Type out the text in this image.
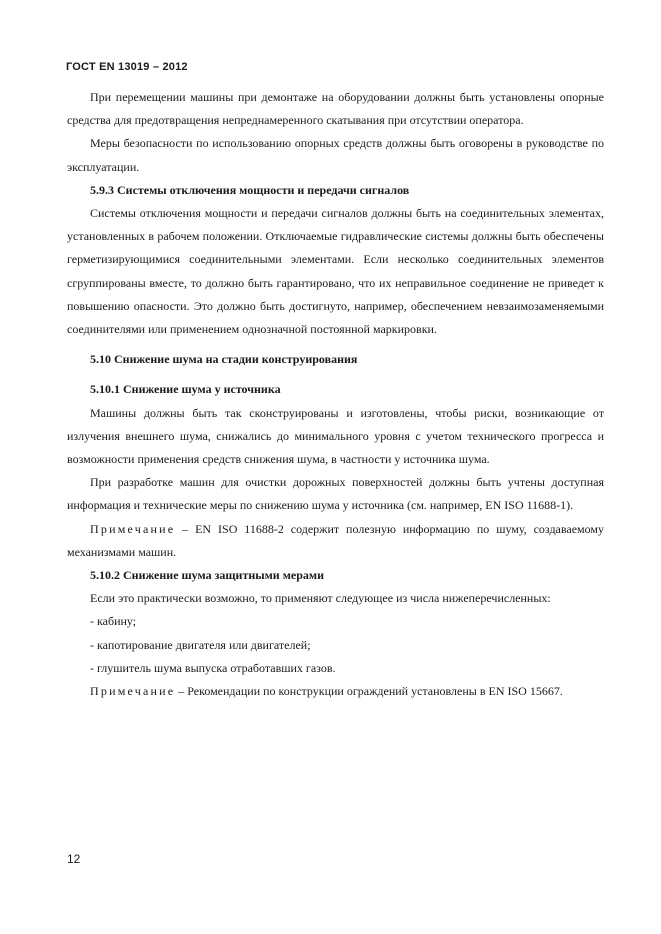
ГОСТ EN 13019 – 2012

При перемещении машины при демонтаже на оборудовании должны быть установлены опорные средства для предотвращения непреднамеренного скатывания при отсутствии оператора.

Меры безопасности по использованию опорных средств должны быть оговорены в руководстве по эксплуатации.

5.9.3 Системы отключения мощности и передачи сигналов

Системы отключения мощности и передачи сигналов должны быть на соединительных элементах, установленных в рабочем положении. Отключаемые гидравлические системы должны быть обеспечены герметизирующимися соединительными элементами. Если несколько соединительных элементов сгруппированы вместе, то должно быть гарантировано, что их неправильное соединение не приведет к повышению опасности. Это должно быть достигнуто, например, обеспечением невзаимозаменяемыми соединителями или применением однозначной постоянной маркировки.

5.10 Снижение шума на стадии конструирования

5.10.1 Снижение шума у источника

Машины должны быть так сконструированы и изготовлены, чтобы риски, возникающие от излучения внешнего шума, снижались до минимального уровня с учетом технического прогресса и возможности применения средств снижения шума, в частности у источника шума.

При разработке машин для очистки дорожных поверхностей должны быть учтены доступная информация и технические меры по снижению шума у источника (см. например, EN ISO 11688-1).

Примечание – EN ISO 11688-2 содержит полезную информацию по шуму, создаваемому механизмами машин.

5.10.2 Снижение шума защитными мерами

Если это практически возможно, то применяют следующее из числа нижеперечисленных:

- кабину;

- капотирование двигателя или двигателей;

- глушитель шума выпуска отработавших газов.

Примечание – Рекомендации по конструкции ограждений установлены в EN ISO 15667.

12
